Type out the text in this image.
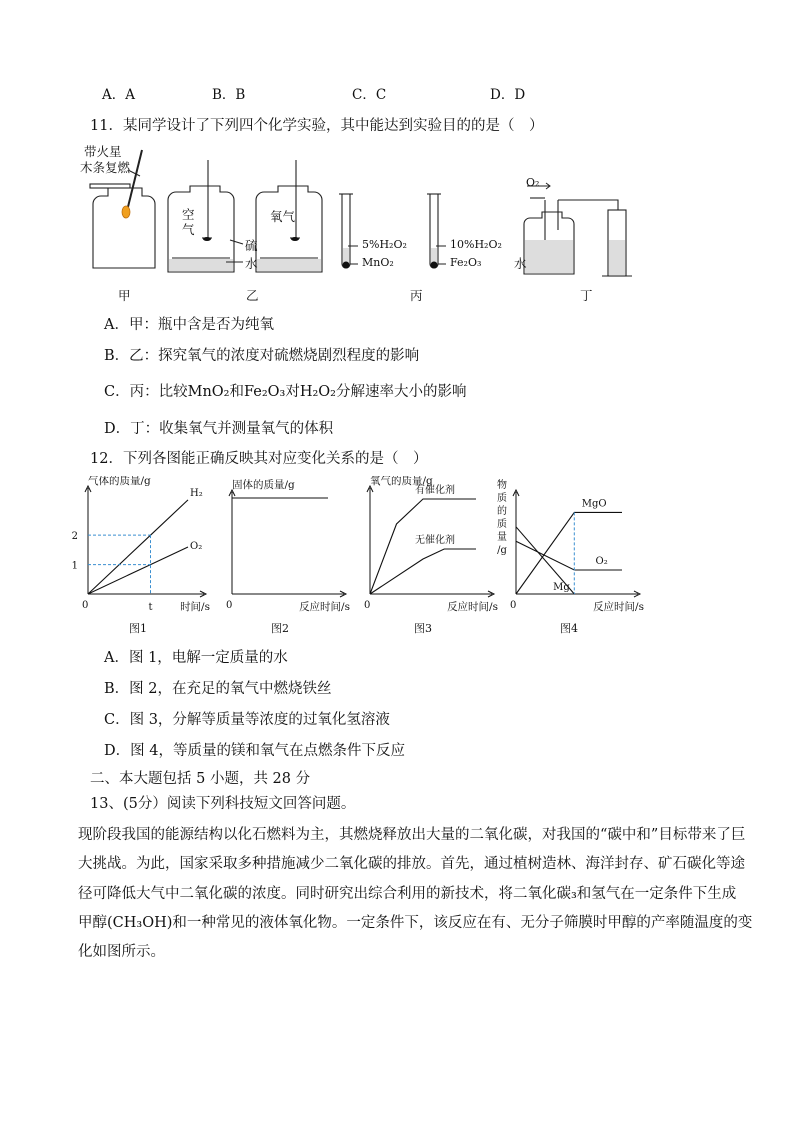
A．A	B．B	C．C	D．D
11．某同学设计了下列四个化学实验，其中能达到实验目的的是（　）
带火星
木条复燃
甲
空
气
氧气
硫
水
乙
5%H₂O₂
MnO₂
10%H₂O₂
Fe₂O₃
丙
O₂
水
丁
A．甲：瓶中含是否为纯氧
B．乙：探究氧气的浓度对硫燃烧剧烈程度的影响
C．丙：比较MnO₂和Fe₂O₃对H₂O₂分解速率大小的影响
D．丁：收集氧气并测量氧气的体积
12．下列各图能正确反映其对应变化关系的是（　）
0	时间/s
图1
气体的质量/g
H₂
O₂
2
1
t	0	反应时间/s
图2
固体的质量/g
0	反应时间/s
图3
氧气的质量/g
有催化剂
无催化剂
0	反应时间/s
图4
物
质
的
质
量
/g
MgO
O₂
Mg
A．图 1，电解一定质量的水
B．图 2，在充足的氧气中燃烧铁丝
C．图 3，分解等质量等浓度的过氧化氢溶液
D．图 4，等质量的镁和氧气在点燃条件下反应
二、本大题包括 5 小题，共 28 分
13、(5分）阅读下列科技短文回答问题。
现阶段我国的能源结构以化石燃料为主，其燃烧释放出大量的二氧化碳，对我国的“碳中和”目标带来了巨
大挑战。为此，国家采取多种措施减少二氧化碳的排放。首先，通过植树造林、海洋封存、矿石碳化等途
径可降低大气中二氧化碳的浓度。同时研究出综合利用的新技术，将二氧化碳₃和氢气在一定条件下生成
甲醇(CH₃OH)和一种常见的液体氧化物。一定条件下，该反应在有、无分子筛膜时甲醇的产率随温度的变
化如图所示。
